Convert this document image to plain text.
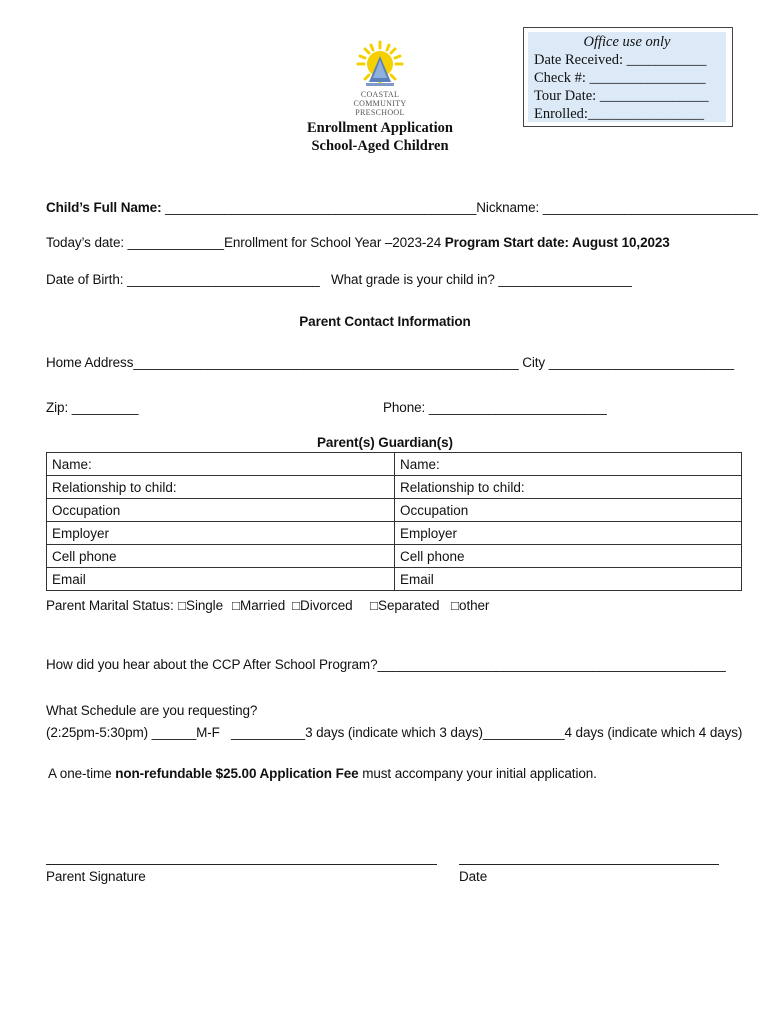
Office use only
Date Received: ___________
Check #: ________________
Tour Date: _______________
Enrolled:________________
COASTAL
COMMUNITY
PRESCHOOL
Enrollment Application
School-Aged Children
Child’s Full Name: __________________________________________Nickname: _____________________________
Today’s date: _____________Enrollment for School Year –2023-24 Program Start date: August 10,2023
Date of Birth: __________________________ What grade is your child in? __________________
Parent Contact Information
Home Address____________________________________________________ City _________________________
Zip: _________	Phone: ________________________
Parent(s) Guardian(s)
Name:	Name:
Relationship to child:	Relationship to child:
Occupation	Occupation
Employer	Employer
Cell phone	Cell phone
Email	Email
Parent Marital Status: □Single □Married □Divorced □Separated □other
How did you hear about the CCP After School Program?_______________________________________________
What Schedule are you requesting?
(2:25pm-5:30pm) ______M-F __________3 days (indicate which 3 days) ___________4 days (indicate which 4 days)
A one-time non-refundable $25.00 Application Fee must accompany your initial application.
Parent Signature	Date
